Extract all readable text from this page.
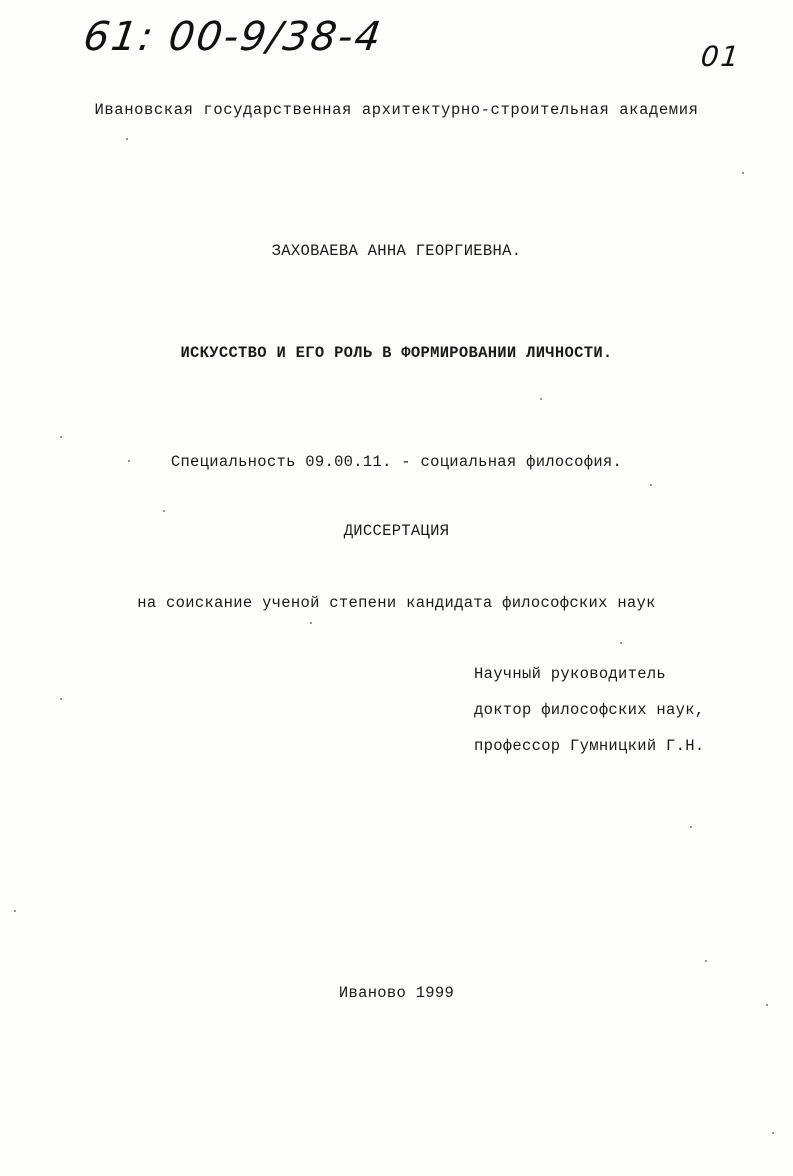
61: 00-9/38-4	01
Ивановская государственная архитектурно-строительная академия
ЗАХОВАЕВА АННА ГЕОРГИЕВНА.
ИСКУССТВО И ЕГО РОЛЬ В ФОРМИРОВАНИИ ЛИЧНОСТИ.
Специальность 09.00.11. - социальная философия.
ДИССЕРТАЦИЯ
на соискание ученой степени кандидата философских наук
Научный руководитель
доктор философских наук,
профессор Гумницкий Г.Н.
Иваново 1999
